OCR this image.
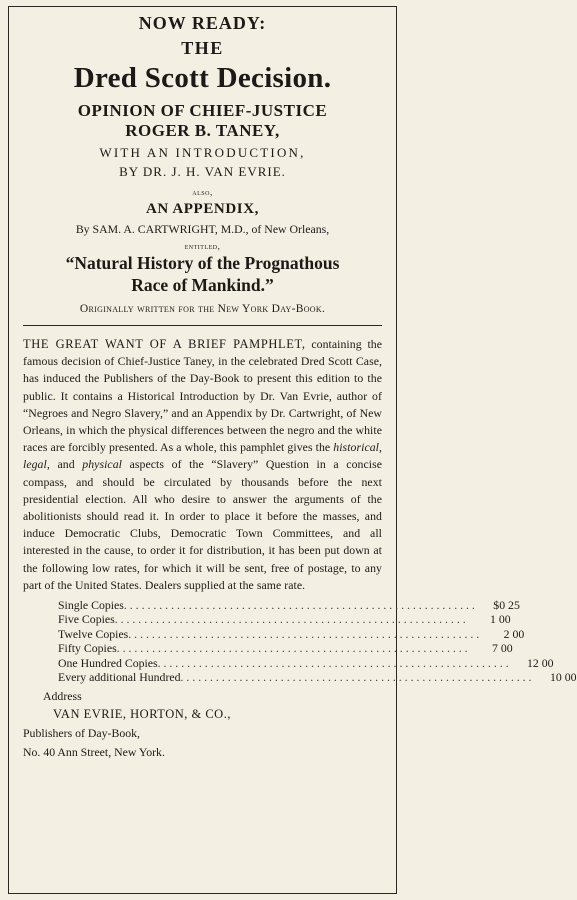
NOW READY:

THE

Dred Scott Decision.

OPINION OF CHIEF-JUSTICE

ROGER B. TANEY,

WITH AN INTRODUCTION,

BY DR. J. H. VAN EVRIE.

also,

AN APPENDIX,

By SAM. A. CARTWRIGHT, M.D., of New Orleans,

entitled,

“Natural History of the Prognathous

Race of Mankind.”

Originally written for the New York Day-Book.

THE GREAT WANT OF A BRIEF PAMPHLET, containing the famous decision of Chief-Justice Taney, in the celebrated Dred Scott Case, has induced the Publishers of the Day-Book to present this edition to the public. It contains a Historical Introduction by Dr. Van Evrie, author of “Negroes and Negro Slavery,” and an Appendix by Dr. Cartwright, of New Orleans, in which the physical differences between the negro and the white races are forcibly presented. As a whole, this pamphlet gives the historical, legal, and physical aspects of the “Slavery” Question in a concise compass, and should be circulated by thousands before the next presidential election. All who desire to answer the arguments of the abolitionists should read it. In order to place it before the masses, and induce Democratic Clubs, Democratic Town Committees, and all interested in the cause, to order it for distribution, it has been put down at the following low rates, for which it will be sent, free of postage, to any part of the United States. Dealers supplied at the same rate.

Single Copies . . . . . . . . . . . . . . . . . . . . . . . . . . . . . . . . . . . . . . . . . . . . . . . . . . . . . . . . . . . .	$0 25
Five Copies . . . . . . . . . . . . . . . . . . . . . . . . . . . . . . . . . . . . . . . . . . . . . . . . . . . . . . . . . . . .	1 00
Twelve Copies . . . . . . . . . . . . . . . . . . . . . . . . . . . . . . . . . . . . . . . . . . . . . . . . . . . . . . . . . . . .	2 00
Fifty Copies . . . . . . . . . . . . . . . . . . . . . . . . . . . . . . . . . . . . . . . . . . . . . . . . . . . . . . . . . . . .	7 00
One Hundred Copies . . . . . . . . . . . . . . . . . . . . . . . . . . . . . . . . . . . . . . . . . . . . . . . . . . . . . . . . . . . .	12 00
Every additional Hundred . . . . . . . . . . . . . . . . . . . . . . . . . . . . . . . . . . . . . . . . . . . . . . . . . . . . . . . . . . . .	10 00

Address

VAN EVRIE, HORTON, & CO.,

Publishers of Day-Book,

No. 40 Ann Street, New York.
